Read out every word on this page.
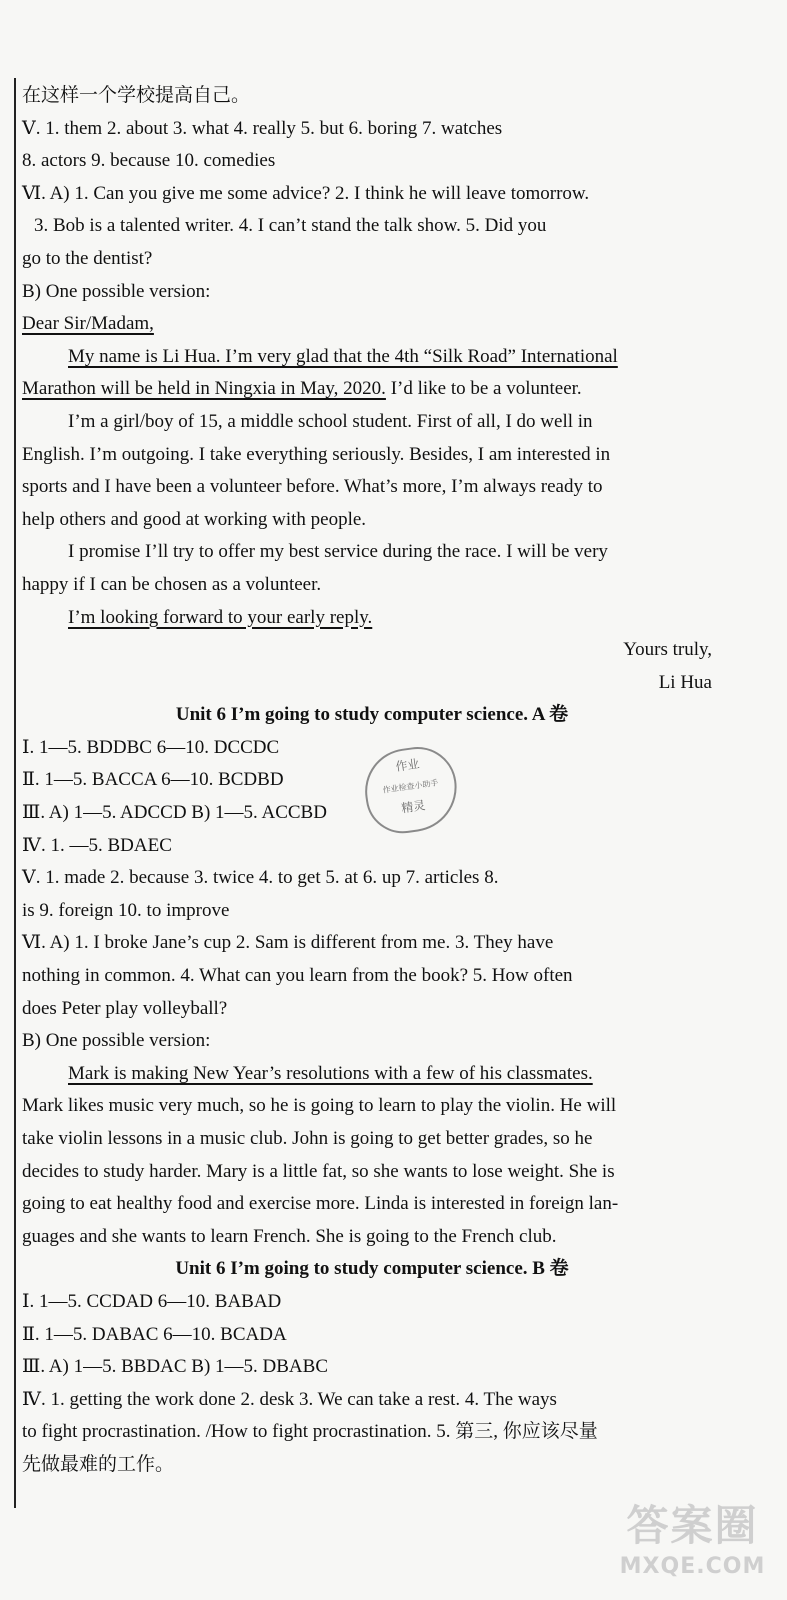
在这样一个学校提高自己。
Ⅴ. 1. them 2. about 3. what 4. really 5. but 6. boring 7. watches
8. actors 9. because 10. comedies
Ⅵ. A) 1. Can you give me some advice? 2. I think he will leave tomorrow.
3. Bob is a talented writer. 4. I can’t stand the talk show. 5. Did you
go to the dentist?
B) One possible version:
Dear Sir/Madam,
My name is Li Hua. I’m very glad that the 4th “Silk Road” International
Marathon will be held in Ningxia in May, 2020. I’d like to be a volunteer.
I’m a girl/boy of 15, a middle school student. First of all, I do well in
English. I’m outgoing. I take everything seriously. Besides, I am interested in
sports and I have been a volunteer before. What’s more, I’m always ready to
help others and good at working with people.
I promise I’ll try to offer my best service during the race. I will be very
happy if I can be chosen as a volunteer.
I’m looking forward to your early reply.
Yours truly,
Li Hua
Unit 6 I’m going to study computer science. A 卷
Ⅰ. 1—5. BDDBC 6—10. DCCDC
Ⅱ. 1—5. BACCA 6—10. BCDBD
Ⅲ. A) 1—5. ADCCD B) 1—5. ACCBD
Ⅳ. 1. —5. BDAEC
Ⅴ. 1. made 2. because 3. twice 4. to get 5. at 6. up 7. articles 8.
is 9. foreign 10. to improve
Ⅵ. A) 1. I broke Jane’s cup 2. Sam is different from me. 3. They have
nothing in common. 4. What can you learn from the book? 5. How often
does Peter play volleyball?
B) One possible version:
Mark is making New Year’s resolutions with a few of his classmates.
Mark likes music very much, so he is going to learn to play the violin. He will
take violin lessons in a music club. John is going to get better grades, so he
decides to study harder. Mary is a little fat, so she wants to lose weight. She is
going to eat healthy food and exercise more. Linda is interested in foreign lan-
guages and she wants to learn French. She is going to the French club.
Unit 6 I’m going to study computer science. B 卷
Ⅰ. 1—5. CCDAD 6—10. BABAD
Ⅱ. 1—5. DABAC 6—10. BCADA
Ⅲ. A) 1—5. BBDAC B) 1—5. DBABC
Ⅳ. 1. getting the work done 2. desk 3. We can take a rest. 4. The ways
to fight procrastination. /How to fight procrastination. 5. 第三, 你应该尽量
先做最难的工作。
作业
作业检查小助手
精灵
答案圈
MXQE.COM
